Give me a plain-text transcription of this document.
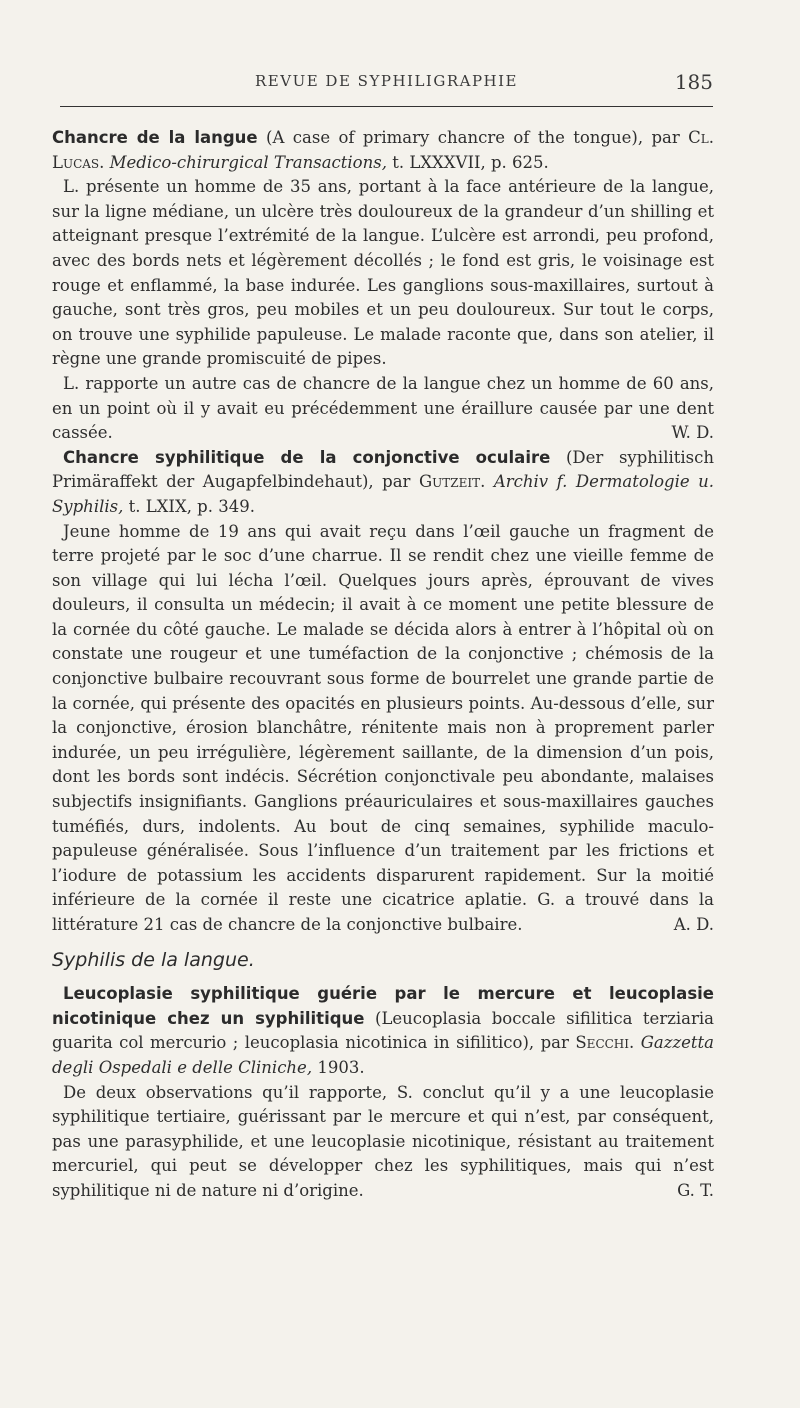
REVUE DE SYPHILIGRAPHIE	185

Chancre de la langue (A case of primary chancre of the tongue), par Cl. Lucas. Medico-chirurgical Transactions, t. LXXXVII, p. 625.

L. présente un homme de 35 ans, portant à la face antérieure de la langue, sur la ligne médiane, un ulcère très douloureux de la grandeur d’un shilling et atteignant presque l’extrémité de la langue. L’ulcère est arrondi, peu profond, avec des bords nets et légèrement décollés ; le fond est gris, le voisinage est rouge et enflammé, la base indurée. Les ganglions sous-maxillaires, surtout à gauche, sont très gros, peu mobiles et un peu douloureux. Sur tout le corps, on trouve une syphilide papuleuse. Le malade raconte que, dans son atelier, il règne une grande promiscuité de pipes.

L. rapporte un autre cas de chancre de la langue chez un homme de 60 ans, en un point où il y avait eu précédemment une éraillure causée par une dent cassée.	W. D.

Chancre syphilitique de la conjonctive oculaire (Der syphilitisch Primäraffekt der Augapfelbindehaut), par Gutzeit. Archiv f. Dermatologie u. Syphilis, t. LXIX, p. 349.

Jeune homme de 19 ans qui avait reçu dans l’œil gauche un fragment de terre projeté par le soc d’une charrue. Il se rendit chez une vieille femme de son village qui lui lécha l’œil. Quelques jours après, éprouvant de vives douleurs, il consulta un médecin; il avait à ce moment une petite blessure de la cornée du côté gauche. Le malade se décida alors à entrer à l’hôpital où on constate une rougeur et une tuméfaction de la conjonctive ; chémosis de la conjonctive bulbaire recouvrant sous forme de bourrelet une grande partie de la cornée, qui présente des opacités en plusieurs points. Au-dessous d’elle, sur la conjonctive, érosion blanchâtre, rénitente mais non à proprement parler indurée, un peu irrégulière, légèrement saillante, de la dimension d’un pois, dont les bords sont indécis. Sécrétion conjonctivale peu abondante, malaises subjectifs insignifiants. Ganglions préauriculaires et sous-maxillaires gauches tuméfiés, durs, indolents. Au bout de cinq semaines, syphilide maculo-papuleuse généralisée. Sous l’influence d’un traitement par les frictions et l’iodure de potassium les accidents disparurent rapidement. Sur la moitié inférieure de la cornée il reste une cicatrice aplatie. G. a trouvé dans la littérature 21 cas de chancre de la conjonctive bulbaire.	A. D.

Syphilis de la langue.

Leucoplasie syphilitique guérie par le mercure et leucoplasie nicotinique chez un syphilitique (Leucoplasia boccale sifilitica terziaria guarita col mercurio ; leucoplasia nicotinica in sifilitico), par Secchi. Gazzetta degli Ospedali e delle Cliniche, 1903.

De deux observations qu’il rapporte, S. conclut qu’il y a une leucoplasie syphilitique tertiaire, guérissant par le mercure et qui n’est, par conséquent, pas une parasyphilide, et une leucoplasie nicotinique, résistant au traitement mercuriel, qui peut se développer chez les syphilitiques, mais qui n’est syphilitique ni de nature ni d’origine.	G. T.
